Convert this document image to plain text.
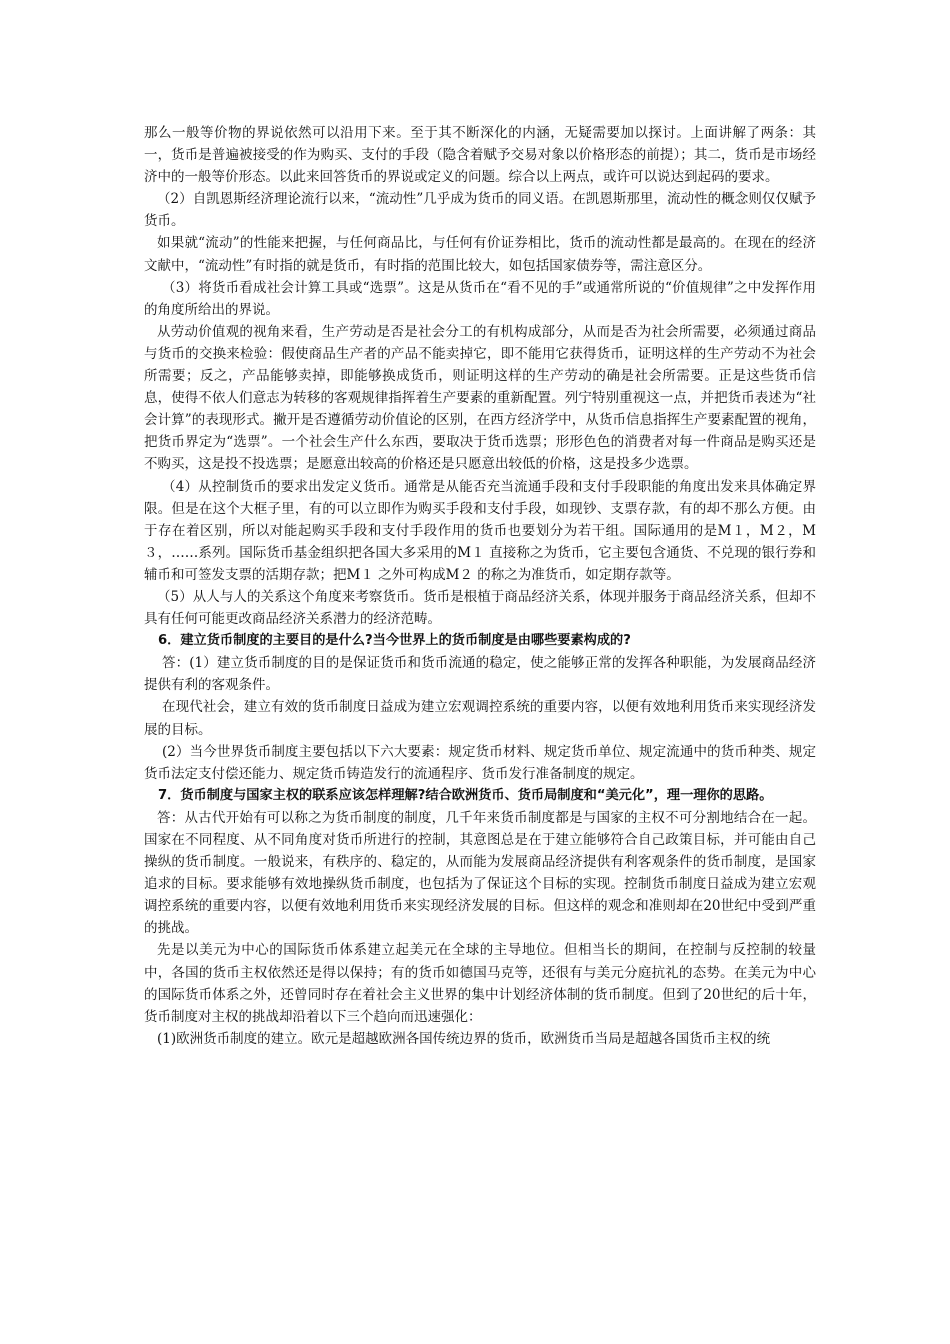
那么一般等价物的界说依然可以沿用下来。至于其不断深化的内涵，无疑需要加以探讨。上面讲解了两条：其一，货币是普遍被接受的作为购买、支付的手段（隐含着赋予交易对象以价格形态的前提）；其二，货币是市场经济中的一般等价形态。以此来回答货币的界说或定义的问题。综合以上两点，或许可以说达到起码的要求。

（2）自凯恩斯经济理论流行以来，“流动性”几乎成为货币的同义语。在凯恩斯那里，流动性的概念则仅仅赋予货币。

如果就“流动”的性能来把握，与任何商品比，与任何有价证券相比，货币的流动性都是最高的。在现在的经济文献中，“流动性”有时指的就是货币，有时指的范围比较大，如包括国家债券等，需注意区分。

（3）将货币看成社会计算工具或“选票”。这是从货币在“看不见的手”或通常所说的“价值规律”之中发挥作用的角度所给出的界说。

从劳动价值观的视角来看，生产劳动是否是社会分工的有机构成部分，从而是否为社会所需要，必须通过商品与货币的交换来检验：假使商品生产者的产品不能卖掉它，即不能用它获得货币，证明这样的生产劳动不为社会所需要；反之，产品能够卖掉，即能够换成货币，则证明这样的生产劳动的确是社会所需要。正是这些货币信息，使得不依人们意志为转移的客观规律指挥着生产要素的重新配置。列宁特别重视这一点，并把货币表述为“社会计算”的表现形式。撇开是否遵循劳动价值论的区别，在西方经济学中，从货币信息指挥生产要素配置的视角，把货币界定为“选票”。一个社会生产什么东西，要取决于货币选票；形形色色的消费者对每一件商品是购买还是不购买，这是投不投选票；是愿意出较高的价格还是只愿意出较低的价格，这是投多少选票。

（4）从控制货币的要求出发定义货币。通常是从能否充当流通手段和支付手段职能的角度出发来具体确定界限。但是在这个大框子里，有的可以立即作为购买手段和支付手段，如现钞、支票存款，有的却不那么方便。由于存在着区别，所以对能起购买手段和支付手段作用的货币也要划分为若干组。国际通用的是M１，M２，M３，……系列。国际货币基金组织把各国大多采用的M１ 直接称之为货币，它主要包含通货、不兑现的银行券和辅币和可签发支票的活期存款；把M１ 之外可构成M２ 的称之为准货币，如定期存款等。

（5）从人与人的关系这个角度来考察货币。货币是根植于商品经济关系，体现并服务于商品经济关系，但却不具有任何可能更改商品经济关系潜力的经济范畴。

6．建立货币制度的主要目的是什么?当今世界上的货币制度是由哪些要素构成的?

答：(1）建立货币制度的目的是保证货币和货币流通的稳定，使之能够正常的发挥各种职能，为发展商品经济提供有利的客观条件。

在现代社会，建立有效的货币制度日益成为建立宏观调控系统的重要内容，以便有效地利用货币来实现经济发展的目标。

(2）当今世界货币制度主要包括以下六大要素：规定货币材料、规定货币单位、规定流通中的货币种类、规定货币法定支付偿还能力、规定货币铸造发行的流通程序、货币发行准备制度的规定。

7．货币制度与国家主权的联系应该怎样理解?结合欧洲货币、货币局制度和“美元化”，理一理你的思路。

答：从古代开始有可以称之为货币制度的制度，几千年来货币制度都是与国家的主权不可分割地结合在一起。国家在不同程度、从不同角度对货币所进行的控制，其意图总是在于建立能够符合自己政策目标，并可能由自己操纵的货币制度。一般说来，有秩序的、稳定的，从而能为发展商品经济提供有利客观条件的货币制度，是国家追求的目标。要求能够有效地操纵货币制度，也包括为了保证这个目标的实现。控制货币制度日益成为建立宏观调控系统的重要内容，以便有效地利用货币来实现经济发展的目标。但这样的观念和准则却在20世纪中受到严重的挑战。

先是以美元为中心的国际货币体系建立起美元在全球的主导地位。但相当长的期间，在控制与反控制的较量中，各国的货币主权依然还是得以保持；有的货币如德国马克等，还很有与美元分庭抗礼的态势。在美元为中心的国际货币体系之外，还曾同时存在着社会主义世界的集中计划经济体制的货币制度。但到了20世纪的后十年，货币制度对主权的挑战却沿着以下三个趋向而迅速强化：

(1)欧洲货币制度的建立。欧元是超越欧洲各国传统边界的货币，欧洲货币当局是超越各国货币主权的统
